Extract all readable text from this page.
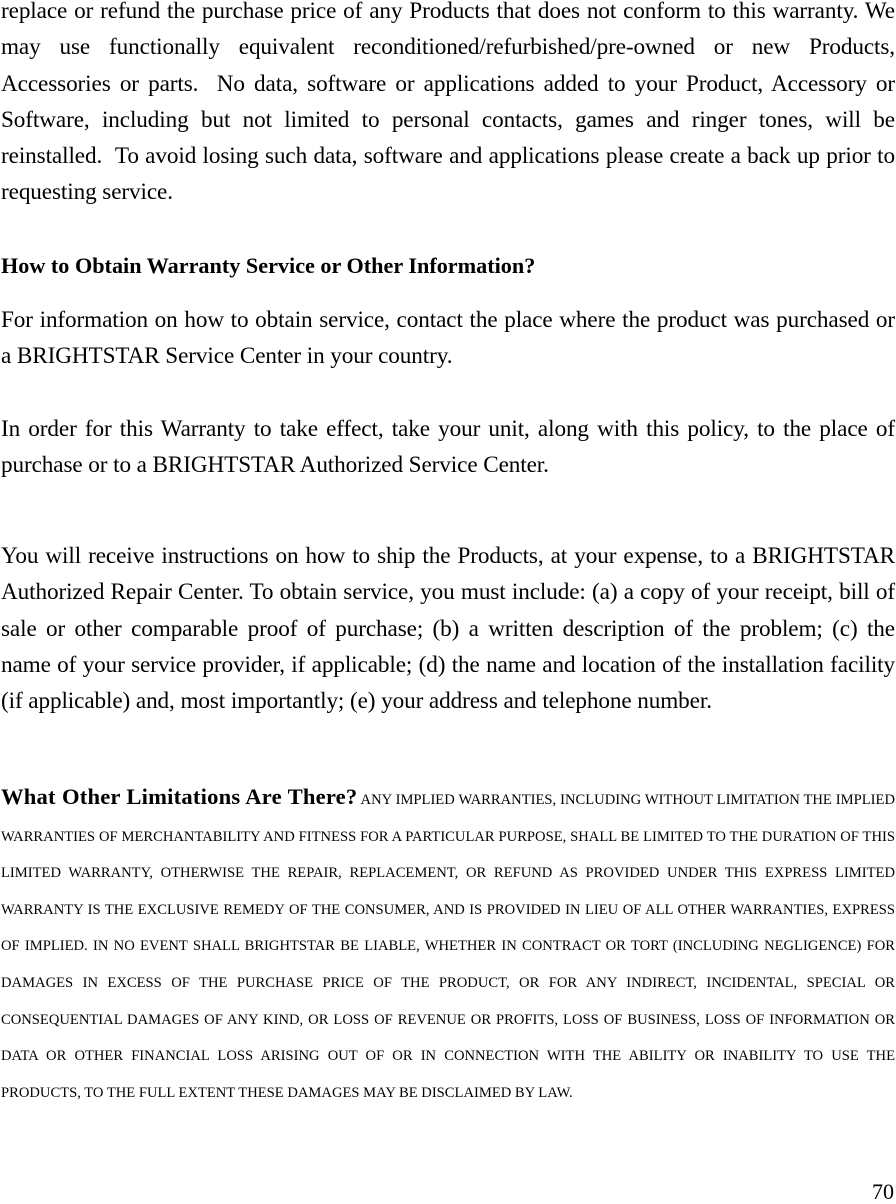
replace or refund the purchase price of any Products that does not conform to this warranty. We may use functionally equivalent reconditioned/refurbished/pre-owned or new Products, Accessories or parts.  No data, software or applications added to your Product, Accessory or Software, including but not limited to personal contacts, games and ringer tones, will be reinstalled.  To avoid losing such data, software and applications please create a back up prior to requesting service.

How to Obtain Warranty Service or Other Information?

For information on how to obtain service, contact the place where the product was purchased or a BRIGHTSTAR Service Center in your country.

In order for this Warranty to take effect, take your unit, along with this policy, to the place of purchase or to a BRIGHTSTAR Authorized Service Center.

You will receive instructions on how to ship the Products, at your expense, to a BRIGHTSTAR Authorized Repair Center. To obtain service, you must include: (a) a copy of your receipt, bill of sale or other comparable proof of purchase; (b) a written description of the problem; (c) the name of your service provider, if applicable; (d) the name and location of the installation facility (if applicable) and, most importantly; (e) your address and telephone number.

What Other Limitations Are There? ANY IMPLIED WARRANTIES, INCLUDING WITHOUT LIMITATION THE IMPLIED WARRANTIES OF MERCHANTABILITY AND FITNESS FOR A PARTICULAR PURPOSE, SHALL BE LIMITED TO THE DURATION OF THIS LIMITED WARRANTY, OTHERWISE THE REPAIR, REPLACEMENT, OR REFUND AS PROVIDED UNDER THIS EXPRESS LIMITED WARRANTY IS THE EXCLUSIVE REMEDY OF THE CONSUMER, AND IS PROVIDED IN LIEU OF ALL OTHER WARRANTIES, EXPRESS OF IMPLIED. IN NO EVENT SHALL BRIGHTSTAR BE LIABLE, WHETHER IN CONTRACT OR TORT (INCLUDING NEGLIGENCE) FOR DAMAGES IN EXCESS OF THE PURCHASE PRICE OF THE PRODUCT, OR FOR ANY INDIRECT, INCIDENTAL, SPECIAL OR CONSEQUENTIAL DAMAGES OF ANY KIND, OR LOSS OF REVENUE OR PROFITS, LOSS OF BUSINESS, LOSS OF INFORMATION OR DATA OR OTHER FINANCIAL LOSS ARISING OUT OF OR IN CONNECTION WITH THE ABILITY OR INABILITY TO USE THE PRODUCTS, TO THE FULL EXTENT THESE DAMAGES MAY BE DISCLAIMED BY LAW.

70
